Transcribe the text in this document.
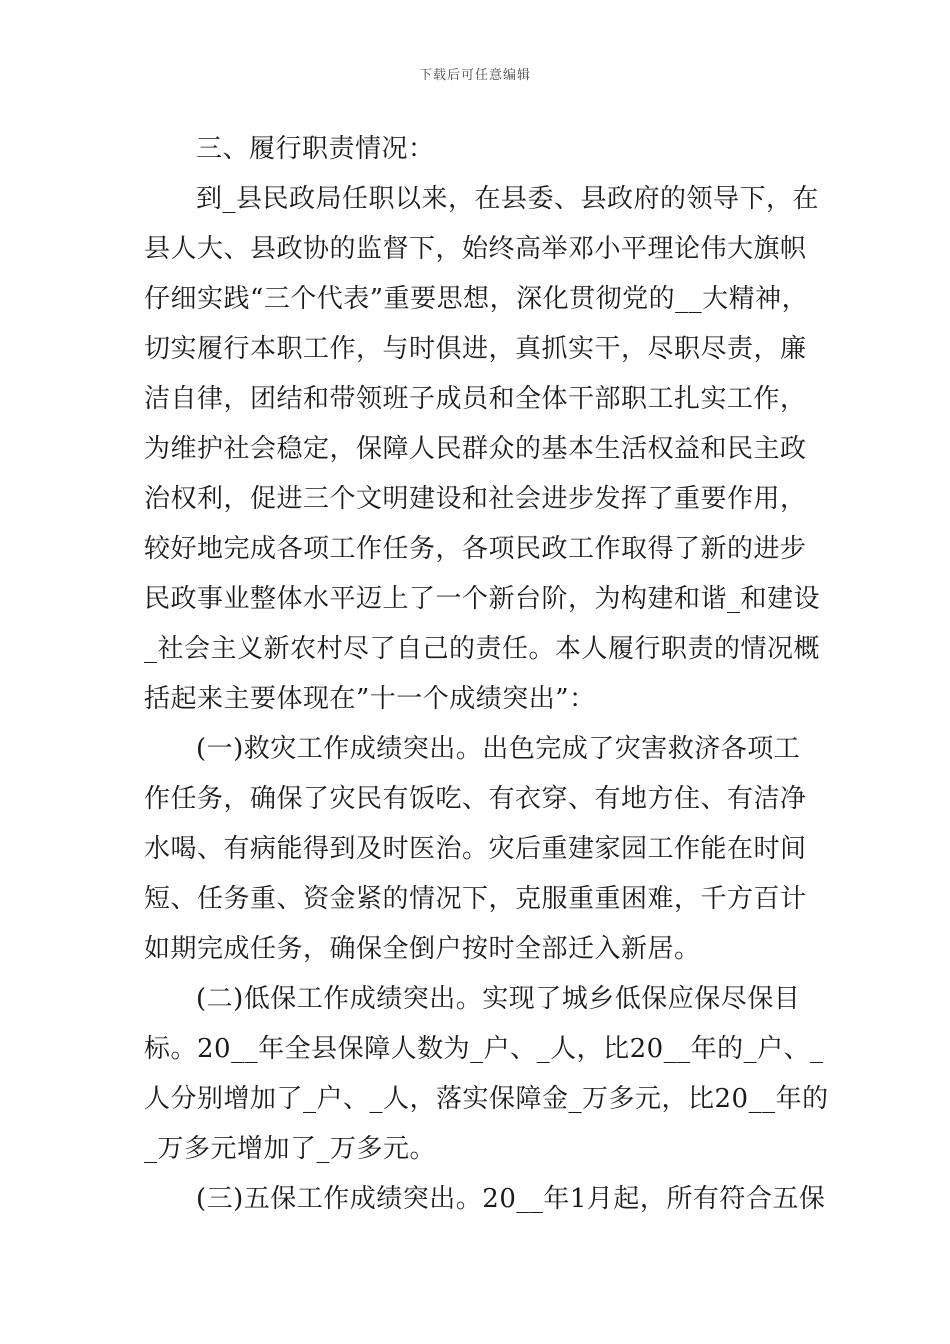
下载后可任意编辑
三、履行职责情况：
到_县民政局任职以来，在县委、县政府的领导下，在
县人大、县政协的监督下，始终高举邓小平理论伟大旗帜
仔细实践“三个代表”重要思想，深化贯彻党的__大精神，
切实履行本职工作，与时俱进，真抓实干，尽职尽责，廉
洁自律，团结和带领班子成员和全体干部职工扎实工作，
为维护社会稳定，保障人民群众的基本生活权益和民主政
治权利，促进三个文明建设和社会进步发挥了重要作用，
较好地完成各项工作任务，各项民政工作取得了新的进步
民政事业整体水平迈上了一个新台阶，为构建和谐_和建设
_社会主义新农村尽了自己的责任。本人履行职责的情况概
括起来主要体现在”十一个成绩突出”：
(一)救灾工作成绩突出。出色完成了灾害救济各项工
作任务，确保了灾民有饭吃、有衣穿、有地方住、有洁净
水喝、有病能得到及时医治。灾后重建家园工作能在时间
短、任务重、资金紧的情况下，克服重重困难，千方百计
如期完成任务，确保全倒户按时全部迁入新居。
(二)低保工作成绩突出。实现了城乡低保应保尽保目
标。20__年全县保障人数为_户、_人，比20__年的_户、_
人分别增加了_户、_人，落实保障金_万多元，比20__年的
_万多元增加了_万多元。
(三)五保工作成绩突出。20__年1月起，所有符合五保
